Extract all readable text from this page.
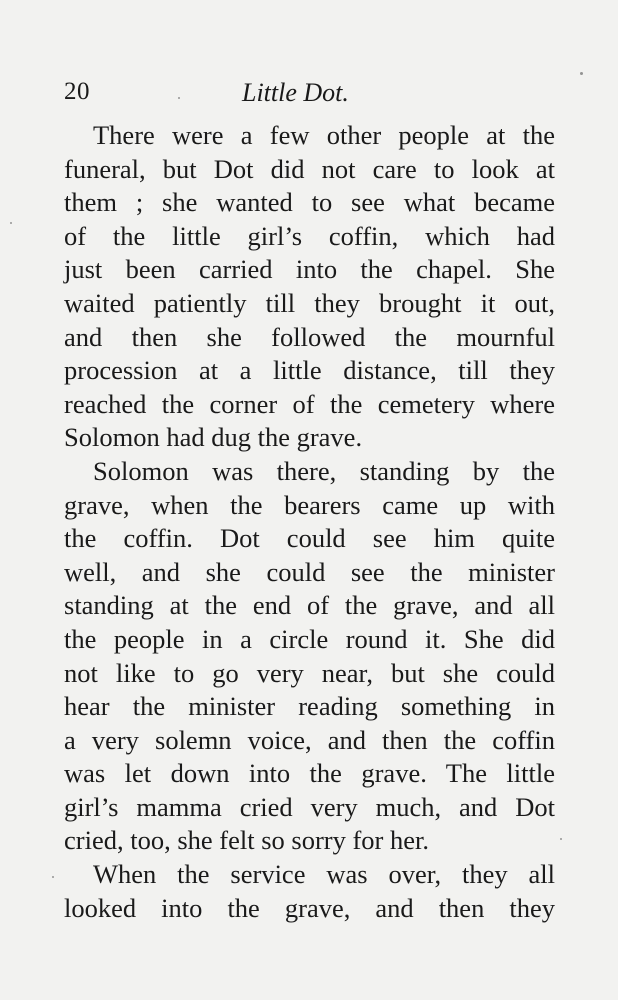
20	Little Dot.
There were a few other people at the
funeral, but Dot did not care to look at
them ; she wanted to see what became
of the little girl’s coffin, which had
just been carried into the chapel. She
waited patiently till they brought it out,
and then she followed the mournful
procession at a little distance, till they
reached the corner of the cemetery where
Solomon had dug the grave.
Solomon was there, standing by the
grave, when the bearers came up with
the coffin. Dot could see him quite
well, and she could see the minister
standing at the end of the grave, and all
the people in a circle round it. She did
not like to go very near, but she could
hear the minister reading something in
a very solemn voice, and then the coffin
was let down into the grave. The little
girl’s mamma cried very much, and Dot
cried, too, she felt so sorry for her.
When the service was over, they all
looked into the grave, and then they
